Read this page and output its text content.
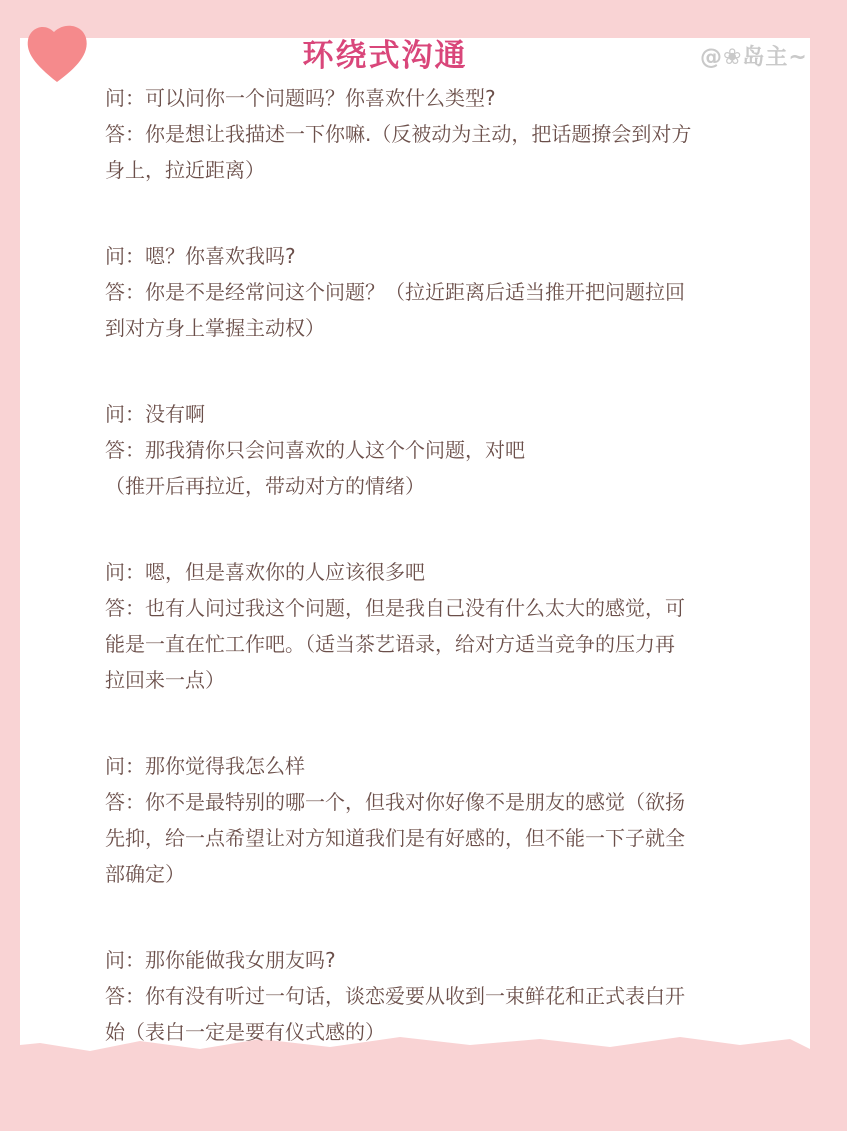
环绕式沟通	@❀岛主~
问：可以问你一个问题吗？你喜欢什么类型?
答：你是想让我描述一下你嘛.（反被动为主动，把话题撩会到对方
身上，拉近距离）
问：嗯？你喜欢我吗?
答：你是不是经常问这个问题？（拉近距离后适当推开把问题拉回
到对方身上掌握主动权）
问：没有啊
答：那我猜你只会问喜欢的人这个个问题，对吧
（推开后再拉近，带动对方的情绪）
问：嗯，但是喜欢你的人应该很多吧
答：也有人问过我这个问题，但是我自己没有什么太大的感觉，可
能是一直在忙工作吧。（适当茶艺语录，给对方适当竞争的压力再
拉回来一点）
问：那你觉得我怎么样
答：你不是最特别的哪一个，但我对你好像不是朋友的感觉（欲扬
先抑，给一点希望让对方知道我们是有好感的，但不能一下子就全
部确定）
问：那你能做我女朋友吗?
答：你有没有听过一句话，谈恋爱要从收到一束鲜花和正式表白开
始（表白一定是要有仪式感的）
